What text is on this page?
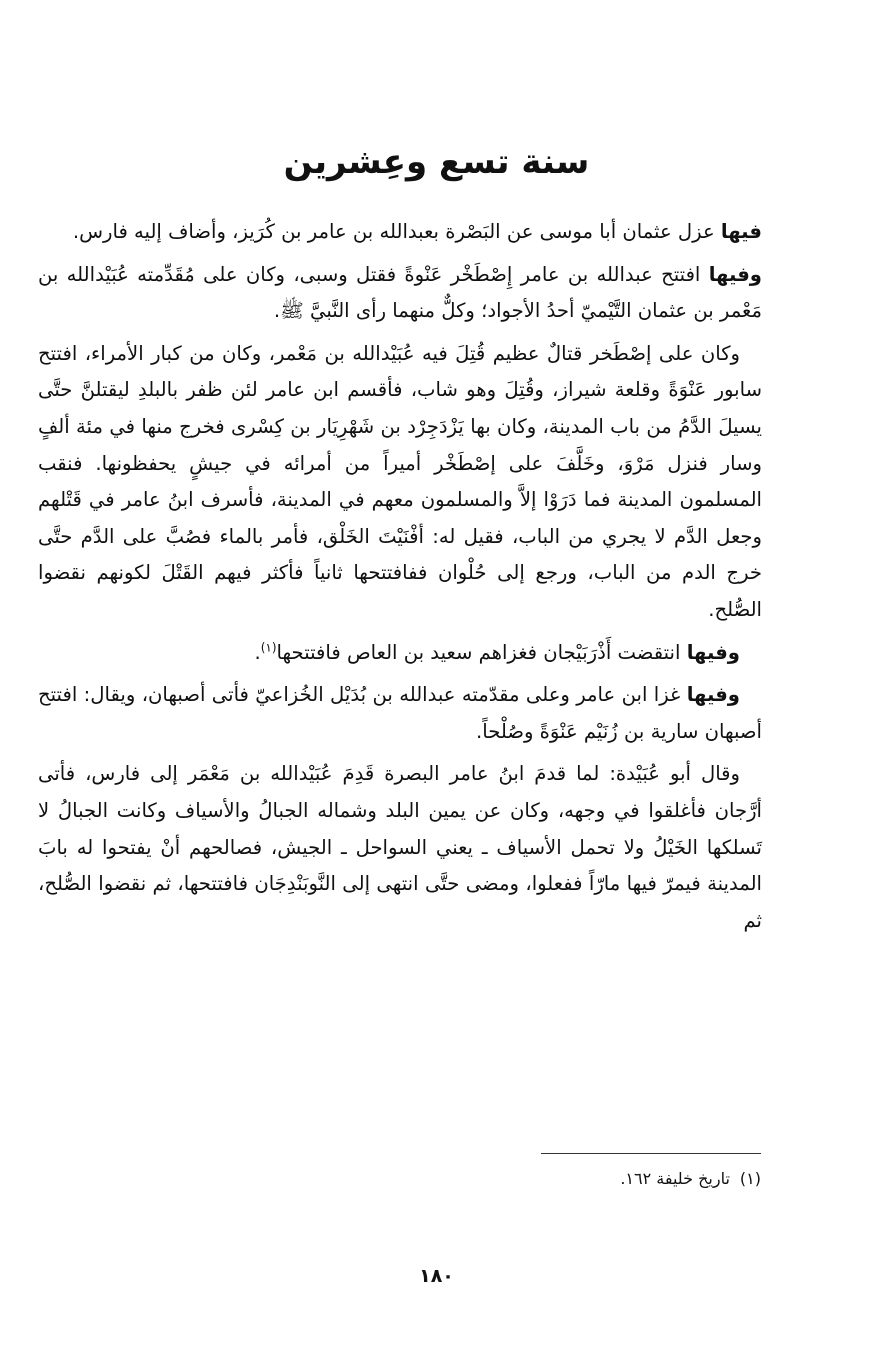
سنة تسع وعِشرين

فيها عزل عثمان أبا موسى عن البَصْرة بعبدالله بن عامر بن كُرَيز، وأضاف إليه فارس.

وفيها افتتح عبدالله بن عامر إِصْطَخْر عَنْوةً فقتل وسبى، وكان على مُقَدِّمته عُبَيْدالله بن مَعْمر بن عثمان التَّيْميّ أحدُ الأجواد؛ وكلٌّ منهما رأى النَّبيَّ ﷺ.

وكان على إصْطَخر قتالٌ عظيم قُتِلَ فيه عُبَيْدالله بن مَعْمر، وكان من كبار الأمراء، افتتح سابور عَنْوَةً وقلعة شيراز، وقُتِلَ وهو شاب، فأقسم ابن عامر لئن ظفر بالبلدِ ليقتلنَّ حتَّى يسيلَ الدَّمُ من باب المدينة، وكان بها يَزْدَجِرْد بن شَهْرِيَار بن كِسْرى فخرج منها في مئة ألفٍ وسار فنزل مَرْوَ، وخَلَّفَ على إصْطَخْر أميراً من أمرائه في جيشٍ يحفظونها. فنقب المسلمون المدينة فما دَرَوْا إلاَّ والمسلمون معهم في المدينة، فأسرف ابنُ عامر في قَتْلهم وجعل الدَّم لا يجري من الباب، فقيل له: أفْنَيْتَ الخَلْق، فأمر بالماء فصُبَّ على الدَّم حتَّى خرج الدم من الباب، ورجع إلى حُلْوان ففافتتحها ثانياً فأكثر فيهم القَتْلَ لكونهم نقضوا الصُّلح.

وفيها انتقضت أَذْرَبَيْجان فغزاهم سعيد بن العاص فافتتحها$^{(١)}$.

وفيها غزا ابن عامر وعلى مقدّمته عبدالله بن بُدَيْل الخُزاعيّ فأتى أصبهان، ويقال: افتتح أصبهان سارية بن زُنَيْم عَنْوَةً وصُلْحاً.

وقال أبو عُبَيْدة: لما قدمَ ابنُ عامر البصرة قَدِمَ عُبَيْدالله بن مَعْمَر إلى فارس، فأتى أرَّجان فأغلقوا في وجهه، وكان عن يمين البلد وشماله الجبالُ والأسياف وكانت الجبالُ لا تَسلكها الخَيْلُ ولا تحمل الأسياف ـ يعني السواحل ـ الجيش، فصالحهم أنْ يفتحوا له بابَ المدينة فيمرّ فيها مارّاً ففعلوا، ومضى حتَّى انتهى إلى النَّوبَنْدِجَان فافتتحها، ثم نقضوا الصُّلح، ثم

(١)تاريخ خليفة ١٦٢.
١٨٠
